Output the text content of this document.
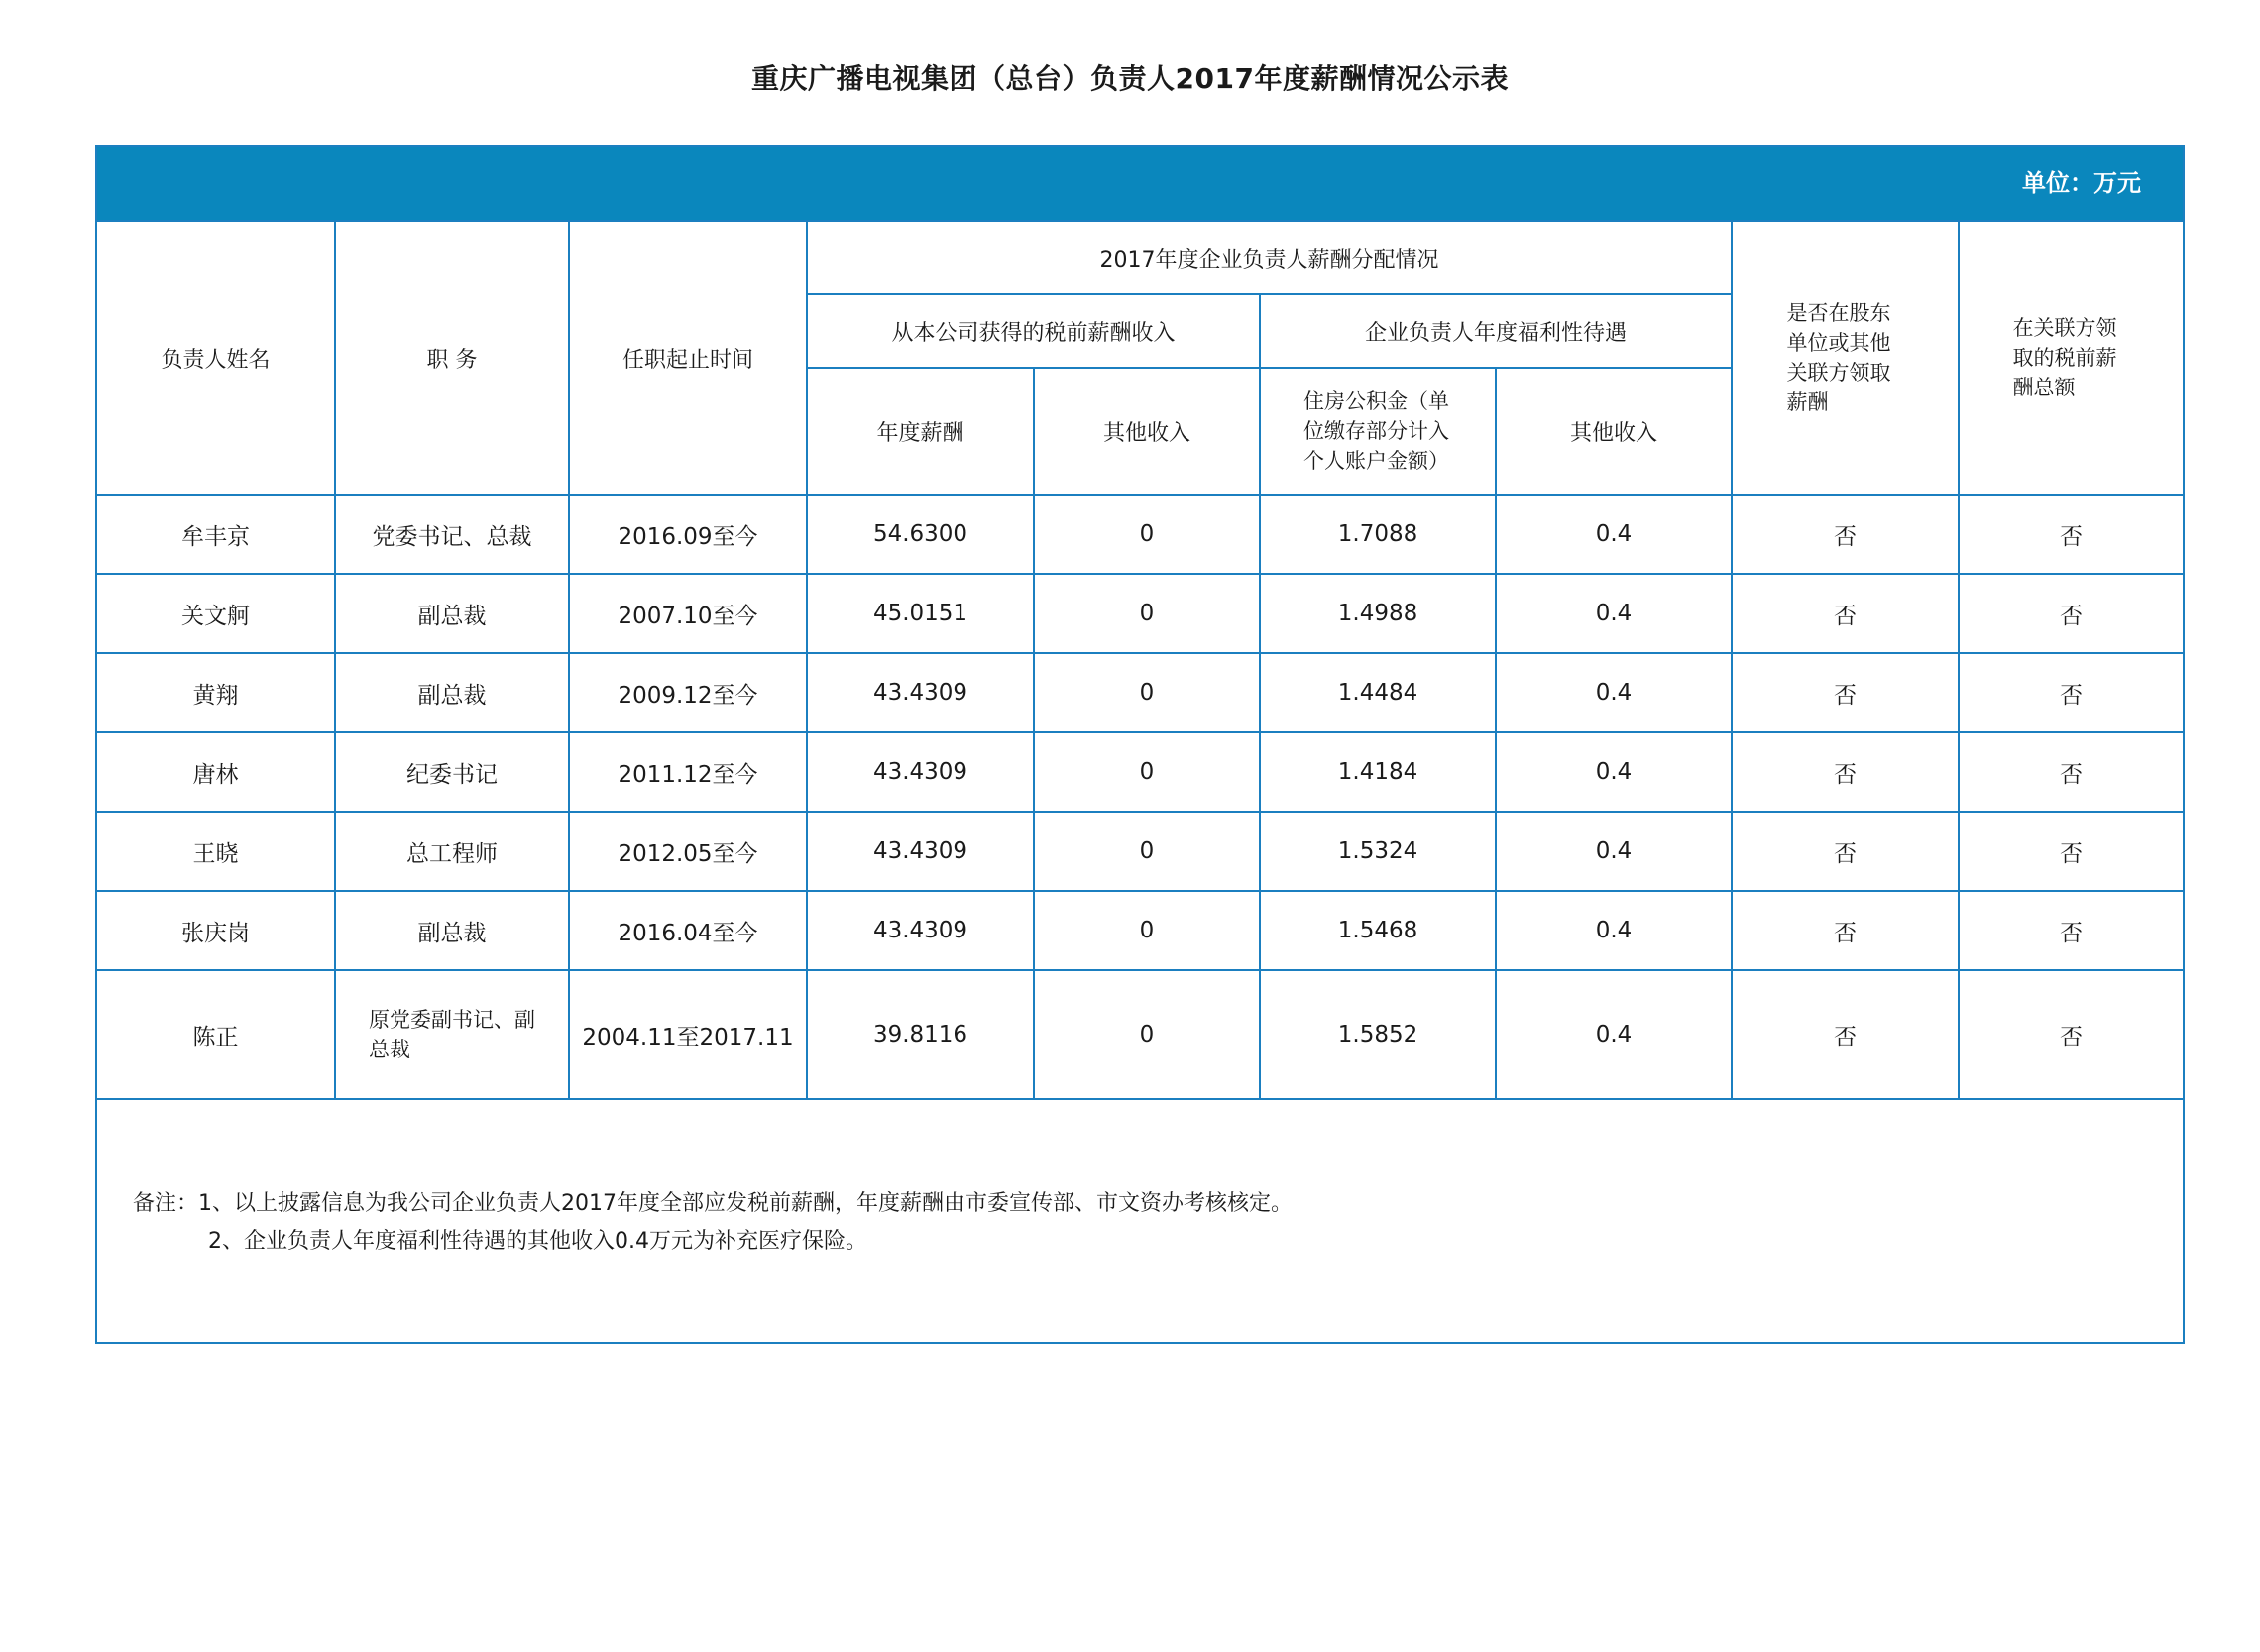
重庆广播电视集团（总台）负责人2017年度薪酬情况公示表
单位：万元
负责人姓名	职 务	任职起止时间	2017年度企业负责人薪酬分配情况				是否在股东单位或其他关联方领取薪酬	在关联方领取的税前薪酬总额
			从本公司获得的税前薪酬收入		企业负责人年度福利性待遇			
			年度薪酬	其他收入	住房公积金（单位缴存部分计入个人账户金额）	其他收入		
牟丰京	党委书记、总裁	2016.09至今	54.6300	0	1.7088	0.4	否	否
关文舸	副总裁	2007.10至今	45.0151	0	1.4988	0.4	否	否
黄翔	副总裁	2009.12至今	43.4309	0	1.4484	0.4	否	否
唐林	纪委书记	2011.12至今	43.4309	0	1.4184	0.4	否	否
王晓	总工程师	2012.05至今	43.4309	0	1.5324	0.4	否	否
张庆岗	副总裁	2016.04至今	43.4309	0	1.5468	0.4	否	否
陈正	原党委副书记、副总裁	2004.11至2017.11	39.8116	0	1.5852	0.4	否	否
备注：1、以上披露信息为我公司企业负责人2017年度全部应发税前薪酬，年度薪酬由市委宣传部、市文资办考核核定。
2、企业负责人年度福利性待遇的其他收入0.4万元为补充医疗保险。
